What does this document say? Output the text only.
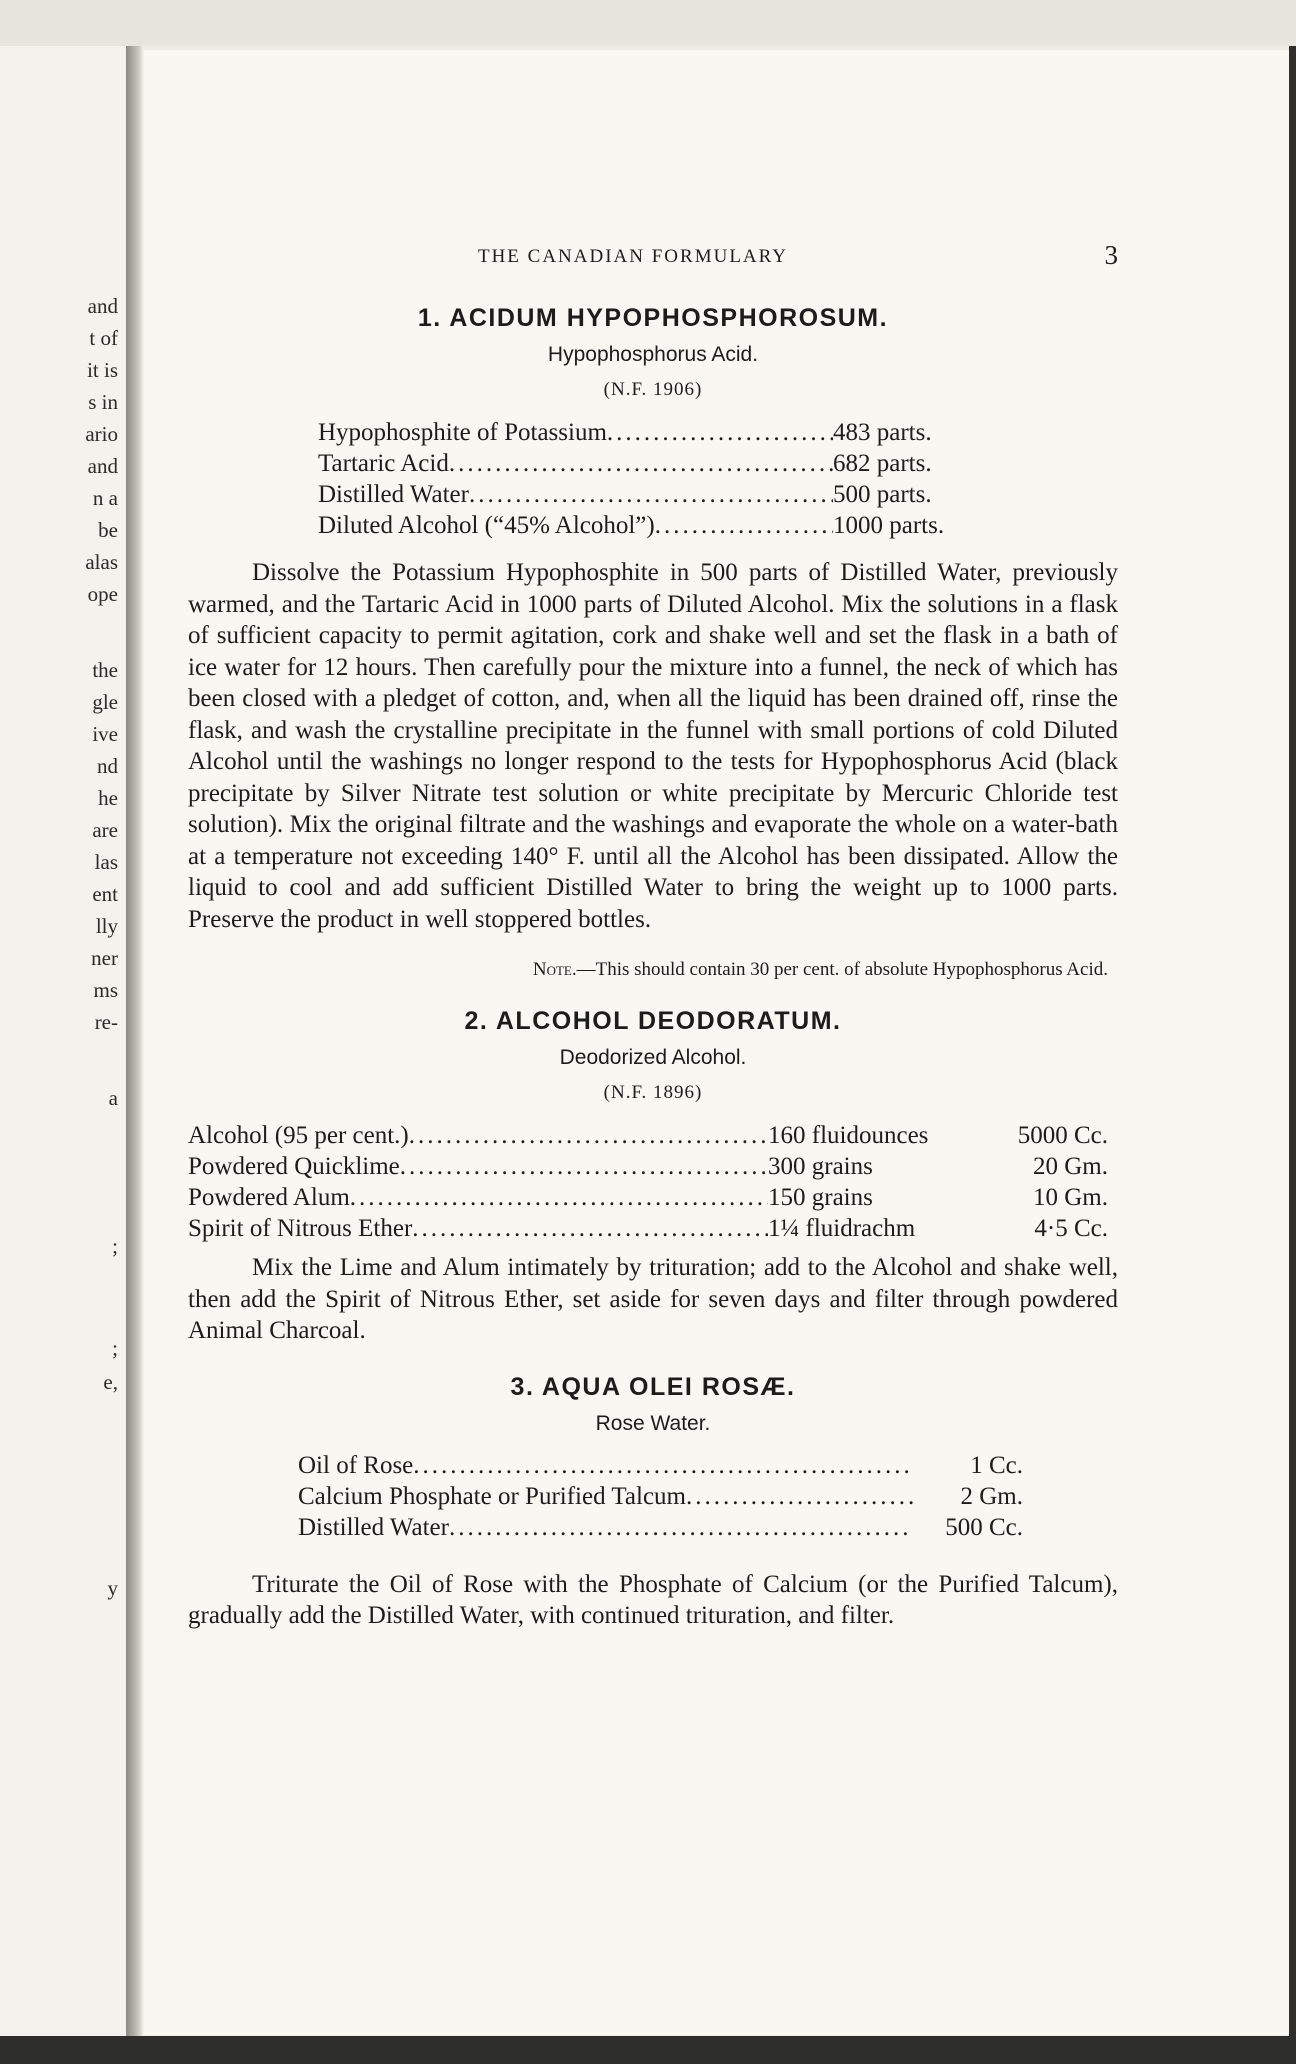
and
t of
it is
s in
ario
and
n a
be
alas
ope
the
gle
ive
nd
he
are
las
ent
lly
ner
ms
re-
a
;
;
e,
y
THE CANADIAN FORMULARY	3
1. ACIDUM HYPOPHOSPHOROSUM.
Hypophosphorus Acid.
(N.F. 1906)
Hypophosphite of Potassium .....	483 parts.
Tartaric Acid .....	682 parts.
Distilled Water .....	500 parts.
Diluted Alcohol (“45% Alcohol”) .....	1000 parts.

Dissolve the Potassium Hypophosphite in 500 parts of Distilled Water, previously warmed, and the Tartaric Acid in 1000 parts of Diluted Alcohol. Mix the solutions in a flask of sufficient capacity to permit agitation, cork and shake well and set the flask in a bath of ice water for 12 hours. Then carefully pour the mixture into a funnel, the neck of which has been closed with a pledget of cotton, and, when all the liquid has been drained off, rinse the flask, and wash the crystalline precipitate in the funnel with small portions of cold Diluted Alcohol until the washings no longer respond to the tests for Hypophosphorus Acid (black precipitate by Silver Nitrate test solution or white precipitate by Mercuric Chloride test solution). Mix the original filtrate and the washings and evaporate the whole on a water-bath at a temperature not exceeding 140° F. until all the Alcohol has been dissipated. Allow the liquid to cool and add sufficient Distilled Water to bring the weight up to 1000 parts. Preserve the product in well stoppered bottles.

Note.—This should contain 30 per cent. of absolute Hypophosphorus Acid.
2. ALCOHOL DEODORATUM.
Deodorized Alcohol.
(N.F. 1896)
Alcohol (95 per cent.) .....	160 fluidounces	5000 Cc.
Powdered Quicklime .....	300 grains	20 Gm.
Powdered Alum .....	150 grains	10 Gm.
Spirit of Nitrous Ether .....	1¼ fluidrachm	4·5 Cc.

Mix the Lime and Alum intimately by trituration; add to the Alcohol and shake well, then add the Spirit of Nitrous Ether, set aside for seven days and filter through powdered Animal Charcoal.

3. AQUA OLEI ROSÆ.
Rose Water.
Oil of Rose .....	1 Cc.
Calcium Phosphate or Purified Talcum .....	2 Gm.
Distilled Water .....	500 Cc.

Triturate the Oil of Rose with the Phosphate of Calcium (or the Purified Talcum), gradually add the Distilled Water, with continued trituration, and filter.
